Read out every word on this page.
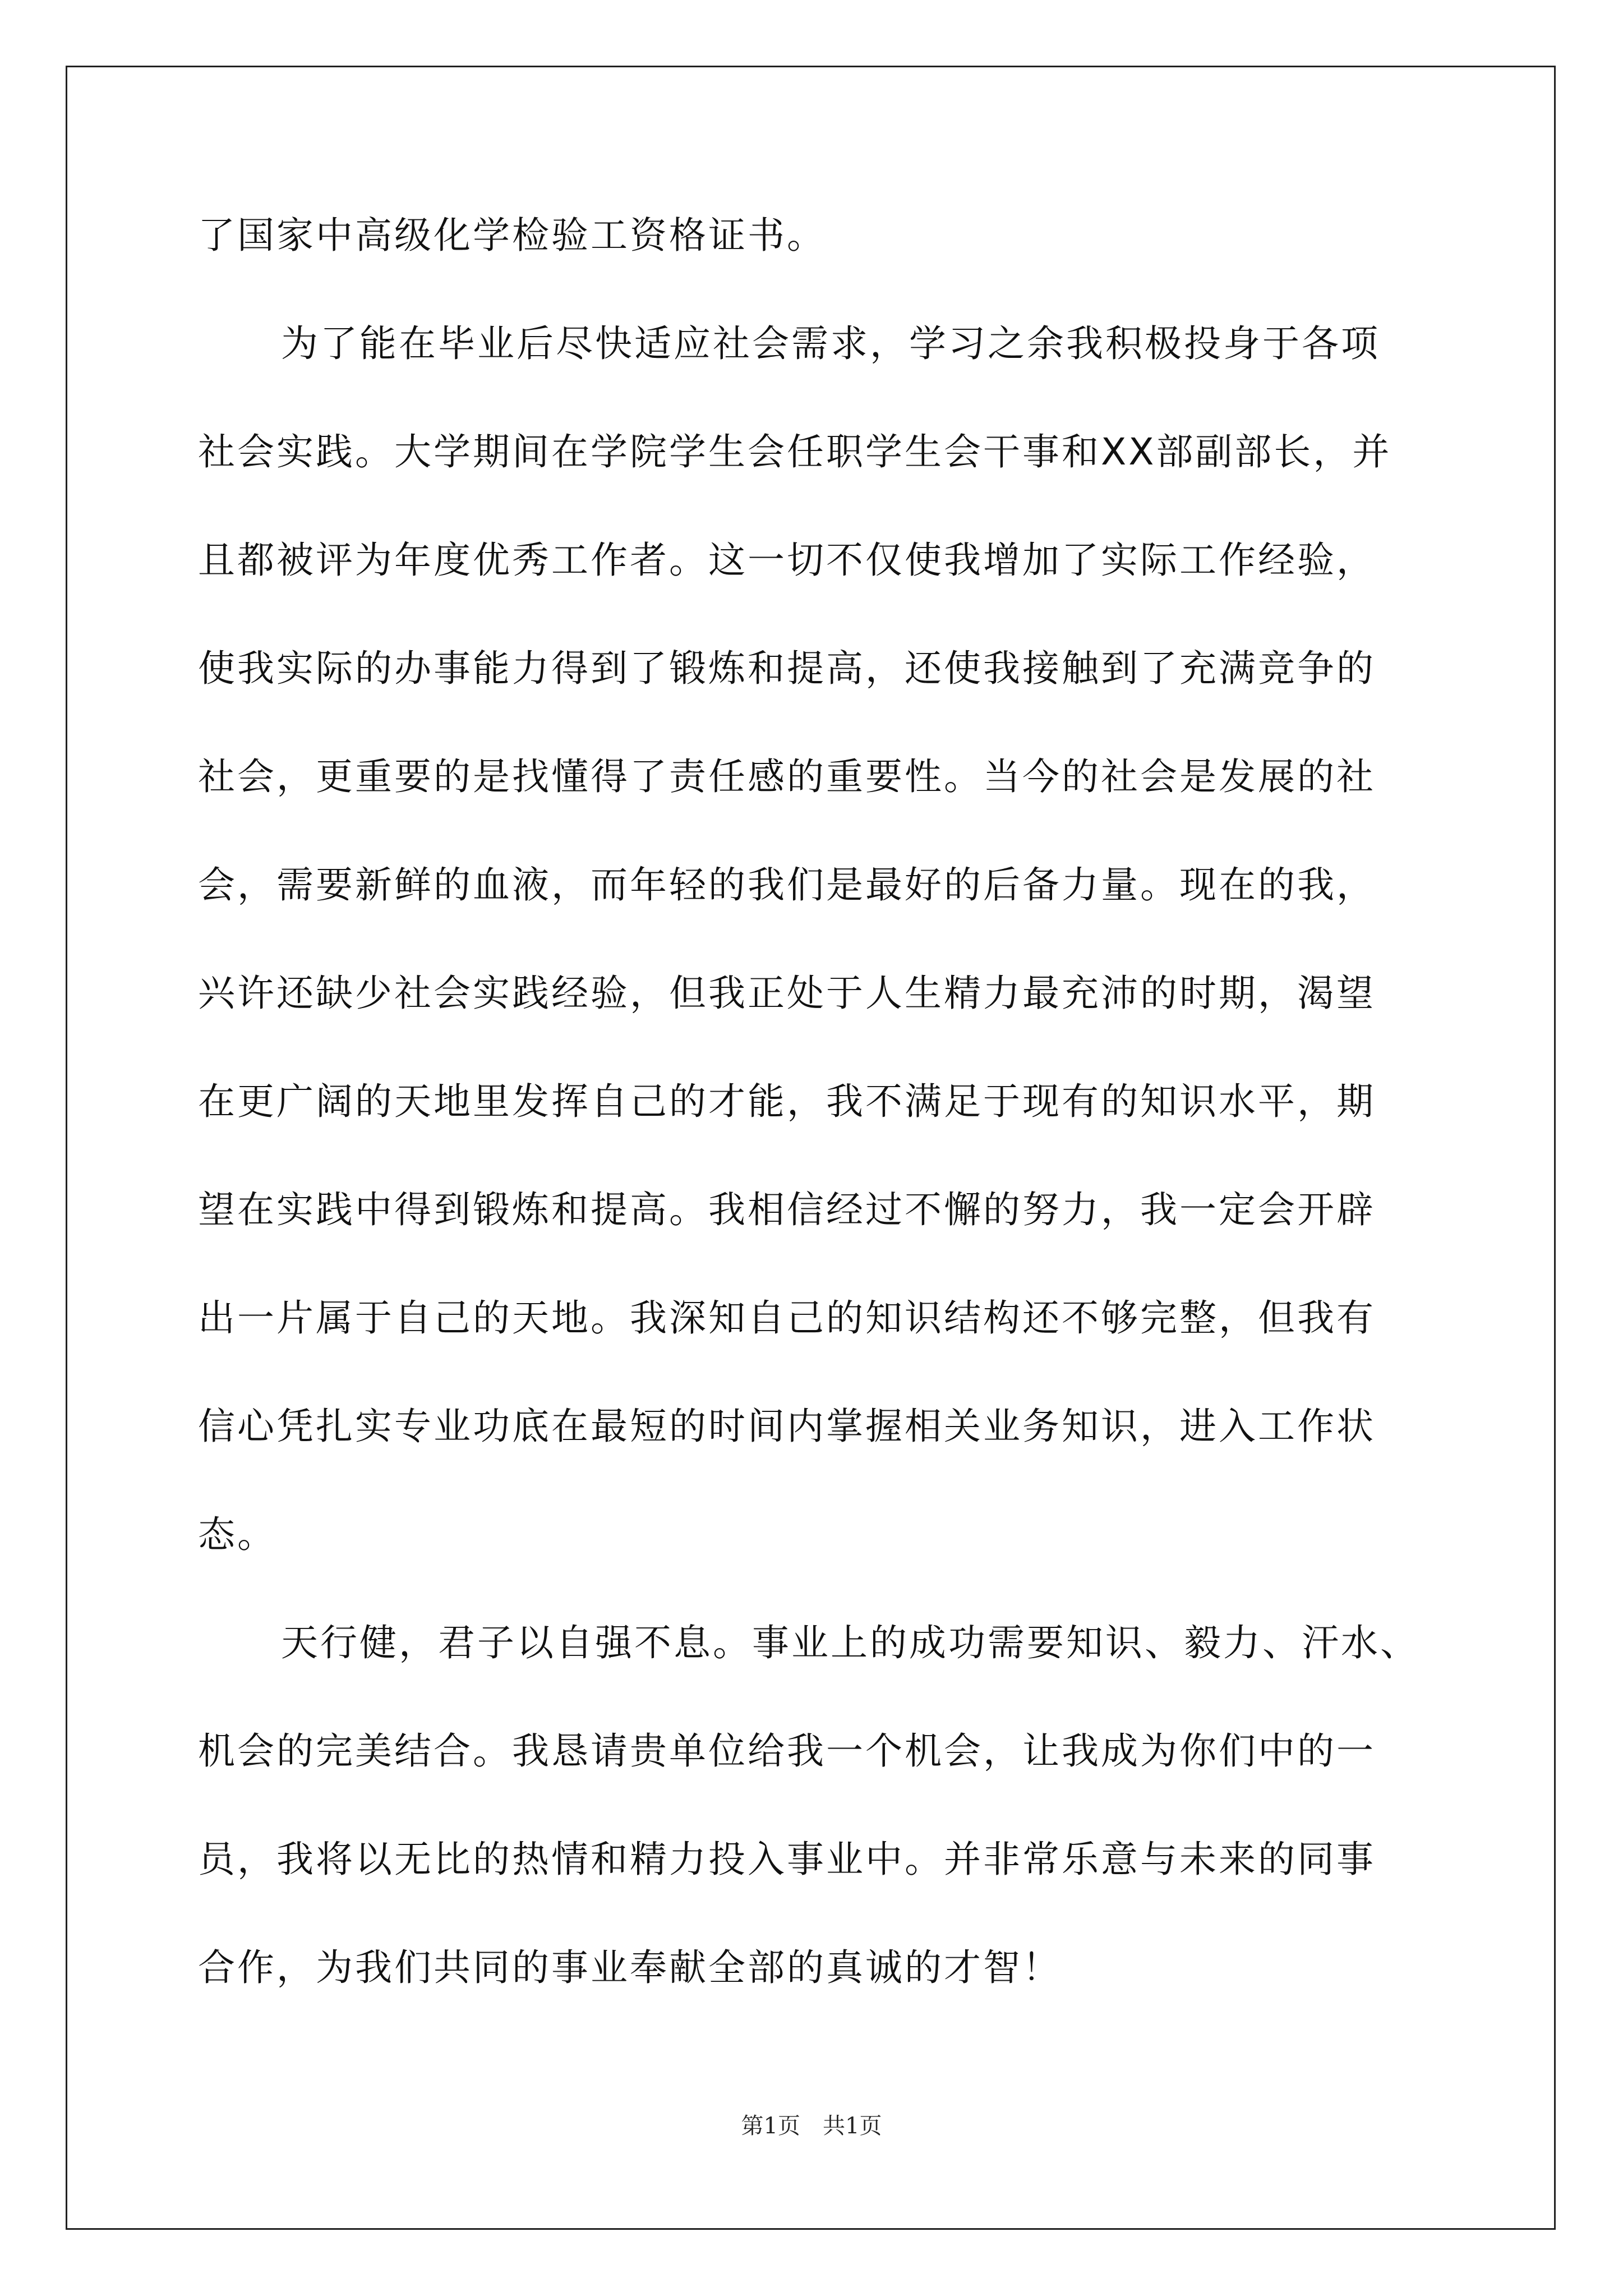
了国家中高级化学检验工资格证书。
为了能在毕业后尽快适应社会需求，学习之余我积极投身于各项
社会实践。大学期间在学院学生会任职学生会干事和XX部副部长，并
且都被评为年度优秀工作者。这一切不仅使我增加了实际工作经验，
使我实际的办事能力得到了锻炼和提高，还使我接触到了充满竞争的
社会，更重要的是找懂得了责任感的重要性。当今的社会是发展的社
会，需要新鲜的血液，而年轻的我们是最好的后备力量。现在的我，
兴许还缺少社会实践经验，但我正处于人生精力最充沛的时期，渴望
在更广阔的天地里发挥自己的才能，我不满足于现有的知识水平，期
望在实践中得到锻炼和提高。我相信经过不懈的努力，我一定会开辟
出一片属于自己的天地。我深知自己的知识结构还不够完整，但我有
信心凭扎实专业功底在最短的时间内掌握相关业务知识，进入工作状
态。
天行健，君子以自强不息。事业上的成功需要知识、毅力、汗水、
机会的完美结合。我恳请贵单位给我一个机会，让我成为你们中的一
员，我将以无比的热情和精力投入事业中。并非常乐意与未来的同事
合作，为我们共同的事业奉献全部的真诚的才智！
第1页 共1页
